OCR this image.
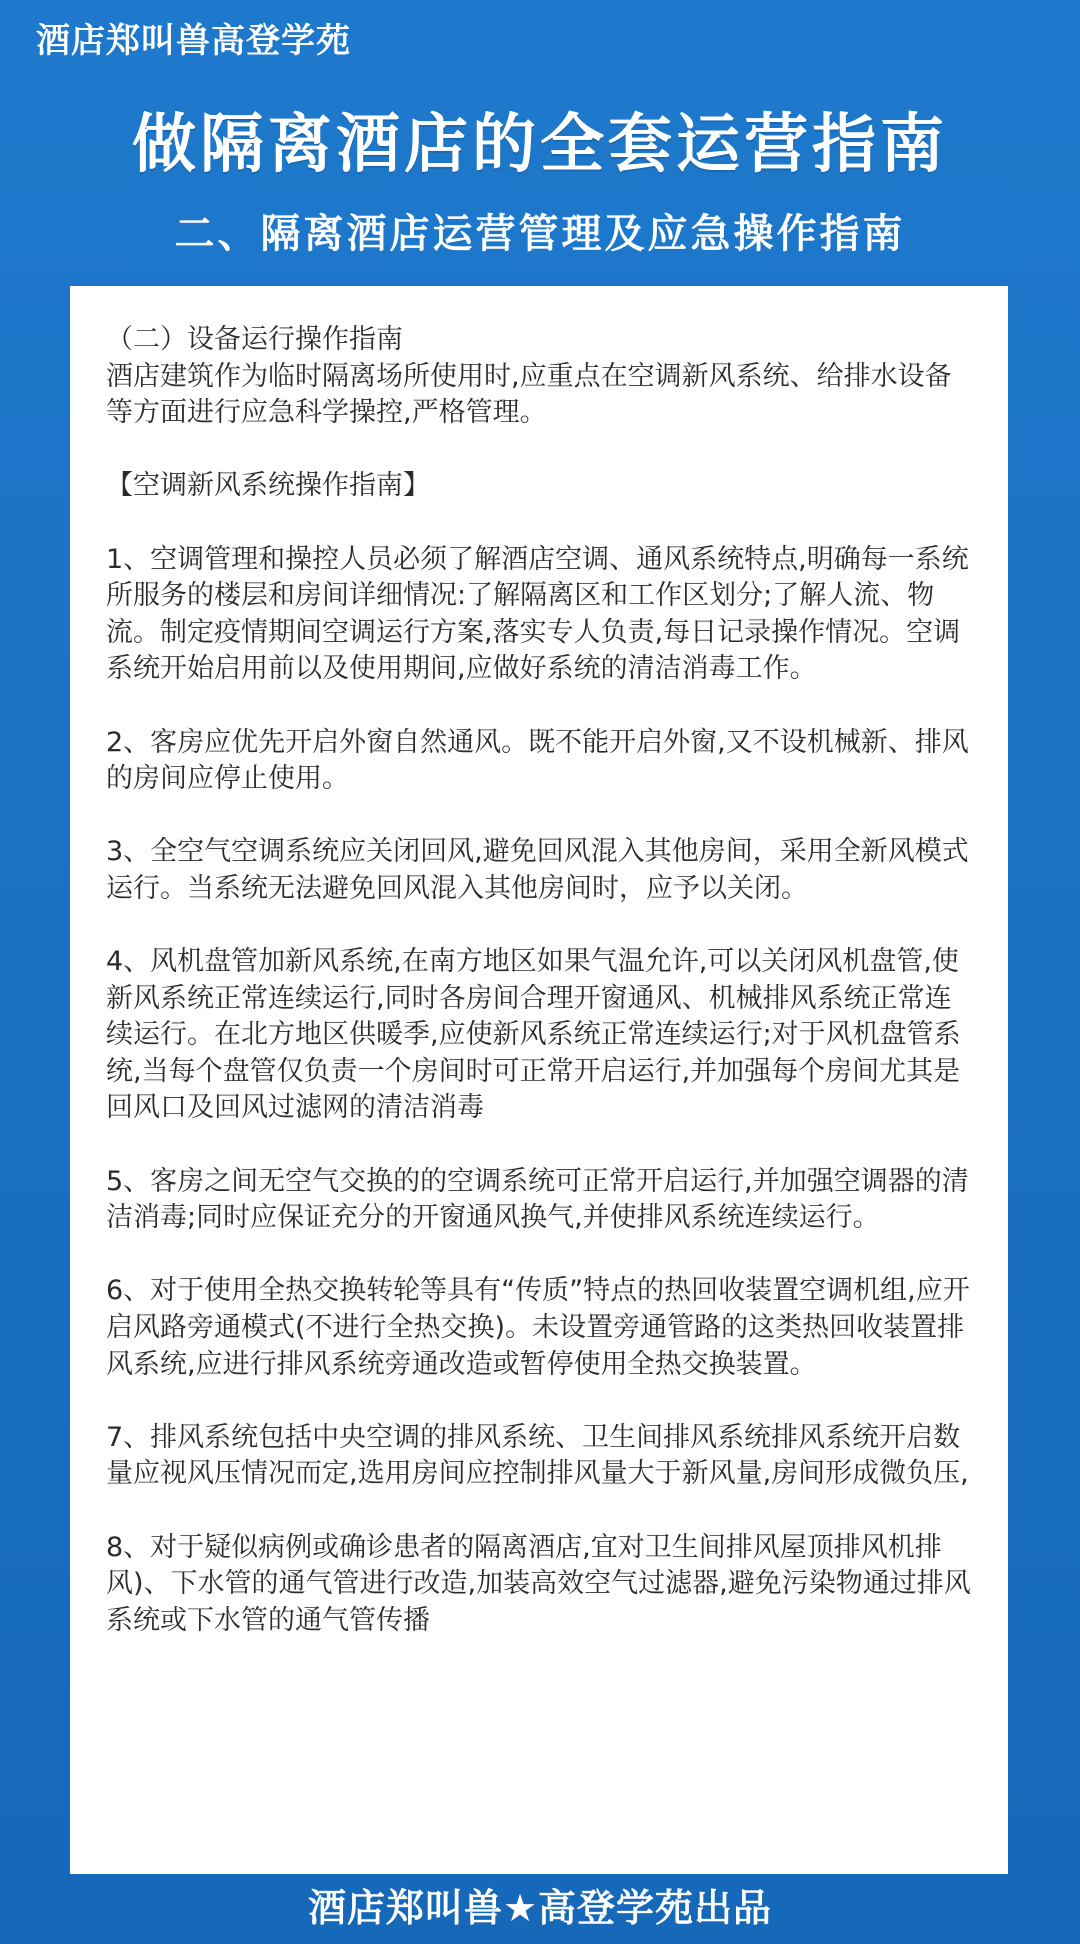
酒店郑叫兽高登学苑
做隔离酒店的全套运营指南
二、隔离酒店运营管理及应急操作指南

（二）设备运行操作指南

酒店建筑作为临时隔离场所使用时,应重点在空调新风系统、给排水设备等方面进行应急科学操控,严格管理。

【空调新风系统操作指南】

1、空调管理和操控人员必须了解酒店空调、通风系统特点,明确每一系统所服务的楼层和房间详细情况:了解隔离区和工作区划分;了解人流、物流。制定疫情期间空调运行方案,落实专人负责,每日记录操作情况。空调系统开始启用前以及使用期间,应做好系统的清洁消毒工作。

2、客房应优先开启外窗自然通风。既不能开启外窗,又不设机械新、排风的房间应停止使用。

3、全空气空调系统应关闭回风,避免回风混入其他房间，采用全新风模式运行。当系统无法避免回风混入其他房间时，应予以关闭。

4、风机盘管加新风系统,在南方地区如果气温允许,可以关闭风机盘管,使新风系统正常连续运行,同时各房间合理开窗通风、机械排风系统正常连续运行。在北方地区供暖季,应使新风系统正常连续运行;对于风机盘管系统,当每个盘管仅负责一个房间时可正常开启运行,并加强每个房间尤其是回风口及回风过滤网的清洁消毒

5、客房之间无空气交换的的空调系统可正常开启运行,并加强空调器的清洁消毒;同时应保证充分的开窗通风换气,并使排风系统连续运行。

6、对于使用全热交换转轮等具有“传质”特点的热回收装置空调机组,应开启风路旁通模式(不进行全热交换)。未设置旁通管路的这类热回收装置排风系统,应进行排风系统旁通改造或暂停使用全热交换装置。

7、排风系统包括中央空调的排风系统、卫生间排风系统排风系统开启数量应视风压情况而定,选用房间应控制排风量大于新风量,房间形成微负压,

8、对于疑似病例或确诊患者的隔离酒店,宜对卫生间排风屋顶排风机排风)、下水管的通气管进行改造,加装高效空气过滤器,避免污染物通过排风系统或下水管的通气管传播

酒店郑叫兽★高登学苑出品
